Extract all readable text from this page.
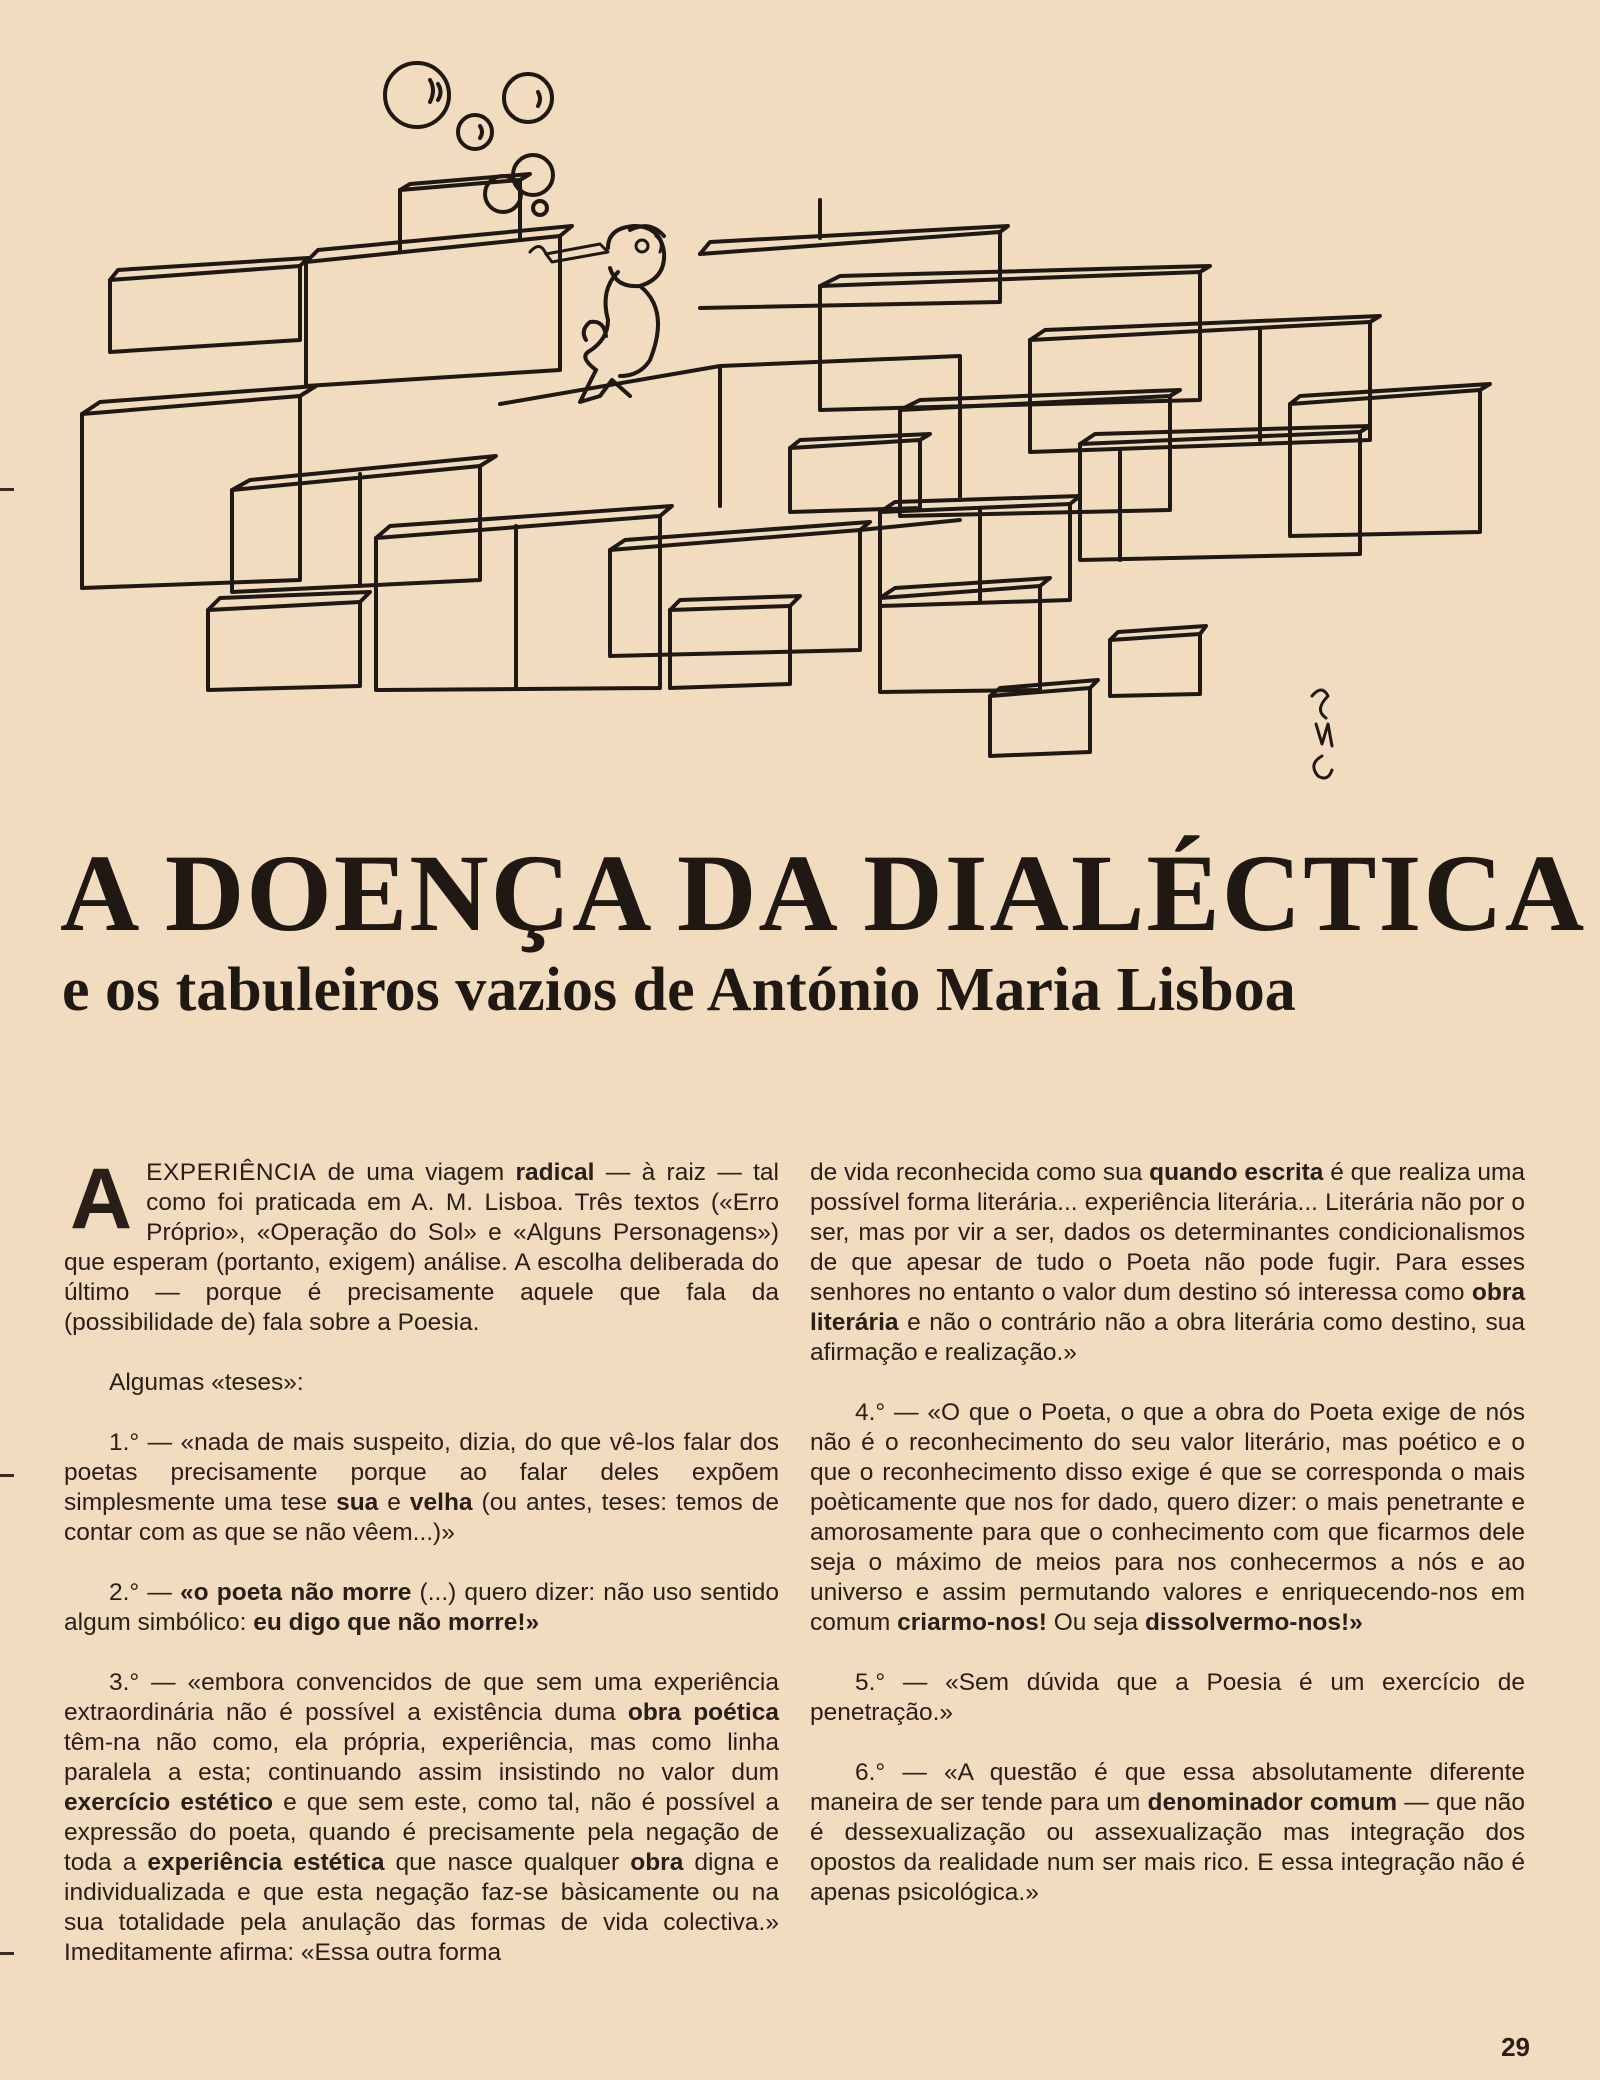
A DOENÇA DA DIALÉCTICA
e os tabuleiros vazios de António Maria Lisboa

AEXPERIÊNCIA de uma viagem radical — à raiz — tal como foi praticada em A. M. Lisboa. Três textos («Erro Próprio», «Operação do Sol» e «Alguns Personagens») que esperam (portanto, exigem) análise. A escolha deliberada do último — porque é precisamente aquele que fala da (possibilidade de) fala sobre a Poesia.

Algumas «teses»:

1.° — «nada de mais suspeito, dizia, do que vê-los falar dos poetas precisamente porque ao falar deles expõem simplesmente uma tese sua e velha (ou antes, teses: temos de contar com as que se não vêem...)»

2.° — «o poeta não morre (...) quero dizer: não uso sentido algum simbólico: eu digo que não morre!»

3.° — «embora convencidos de que sem uma experiência extraordinária não é possível a existência duma obra poética têm-na não como, ela própria, experiência, mas como linha paralela a esta; continuando assim insistindo no valor dum exercício estético e que sem este, como tal, não é possível a expressão do poeta, quando é precisamente pela negação de toda a experiência estética que nasce qualquer obra digna e individualizada e que esta negação faz-se bàsicamente ou na sua totalidade pela anulação das formas de vida colectiva.» Imeditamente afirma: «Essa outra forma

de vida reconhecida como sua quando escrita é que realiza uma possível forma literária... experiência literária... Literária não por o ser, mas por vir a ser, dados os determinantes condicionalismos de que apesar de tudo o Poeta não pode fugir. Para esses senhores no entanto o valor dum destino só interessa como obra literária e não o contrário não a obra literária como destino, sua afirmação e realização.»

4.° — «O que o Poeta, o que a obra do Poeta exige de nós não é o reconhecimento do seu valor literário, mas poético e o que o reconhecimento disso exige é que se corresponda o mais poèticamente que nos for dado, quero dizer: o mais penetrante e amorosamente para que o conhecimento com que ficarmos dele seja o máximo de meios para nos conhecermos a nós e ao universo e assim permutando valores e enriquecendo-nos em comum criarmo-nos! Ou seja dissolvermo-nos!»

5.° — «Sem dúvida que a Poesia é um exercício de penetração.»

6.° — «A questão é que essa absolutamente diferente maneira de ser tende para um denominador comum — que não é dessexualização ou assexualização mas integração dos opostos da realidade num ser mais rico. E essa integração não é apenas psicológica.»

29
